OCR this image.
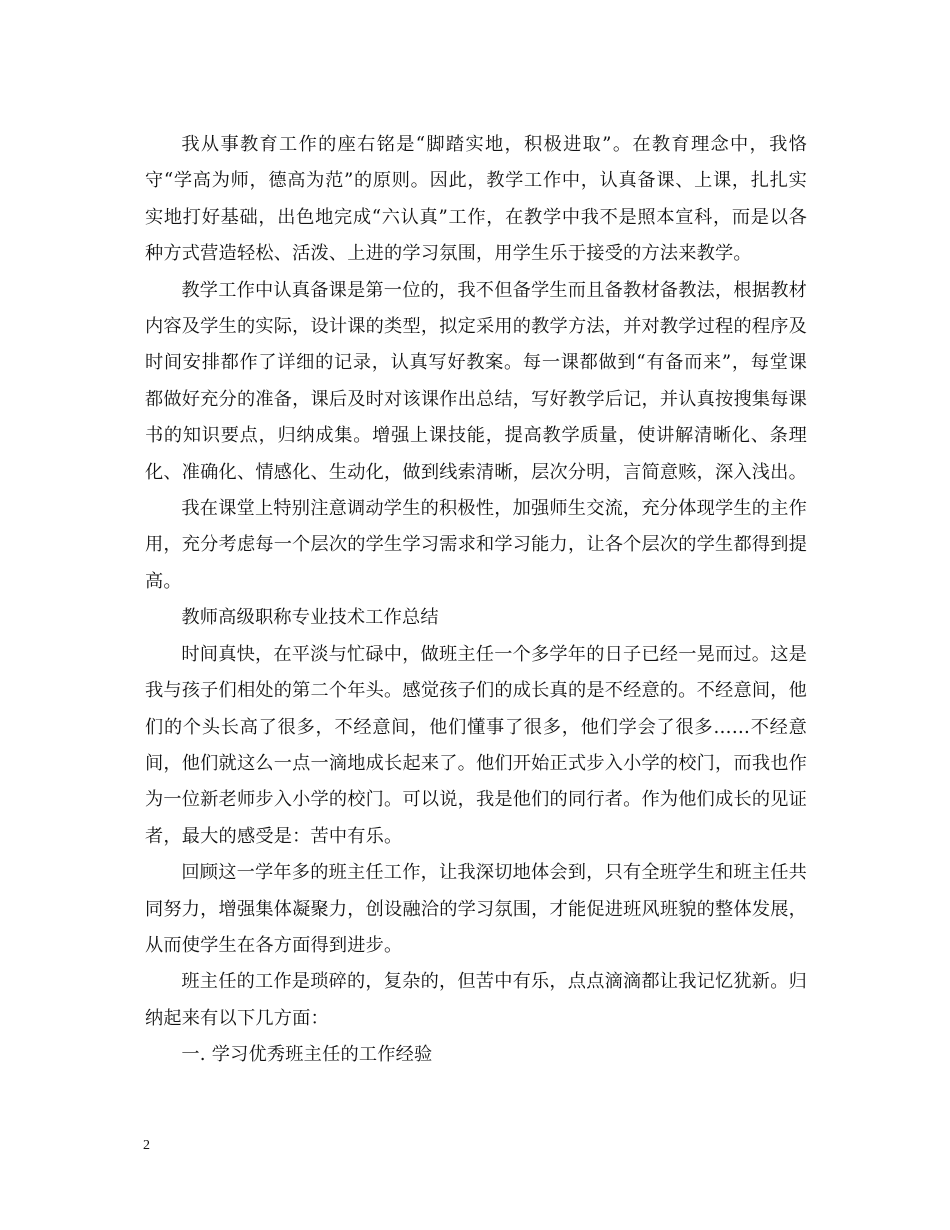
我从事教育工作的座右铭是“脚踏实地，积极进取”。在教育理念中，我恪守“学高为师，德高为范”的原则。因此，教学工作中，认真备课、上课，扎扎实实地打好基础，出色地完成“六认真”工作，在教学中我不是照本宣科，而是以各种方式营造轻松、活泼、上进的学习氛围，用学生乐于接受的方法来教学。

教学工作中认真备课是第一位的，我不但备学生而且备教材备教法，根据教材内容及学生的实际，设计课的类型，拟定采用的教学方法，并对教学过程的程序及时间安排都作了详细的记录，认真写好教案。每一课都做到“有备而来”，每堂课都做好充分的准备，课后及时对该课作出总结，写好教学后记，并认真按搜集每课书的知识要点，归纳成集。增强上课技能，提高教学质量，使讲解清晰化、条理化、准确化、情感化、生动化，做到线索清晰，层次分明，言简意赅，深入浅出。

我在课堂上特别注意调动学生的积极性，加强师生交流，充分体现学生的主作用，充分考虑每一个层次的学生学习需求和学习能力，让各个层次的学生都得到提高。

教师高级职称专业技术工作总结

时间真快，在平淡与忙碌中，做班主任一个多学年的日子已经一晃而过。这是我与孩子们相处的第二个年头。感觉孩子们的成长真的是不经意的。不经意间，他们的个头长高了很多，不经意间，他们懂事了很多，他们学会了很多……不经意间，他们就这么一点一滴地成长起来了。他们开始正式步入小学的校门，而我也作为一位新老师步入小学的校门。可以说，我是他们的同行者。作为他们成长的见证者，最大的感受是：苦中有乐。

回顾这一学年多的班主任工作，让我深切地体会到，只有全班学生和班主任共同努力，增强集体凝聚力，创设融洽的学习氛围，才能促进班风班貌的整体发展，从而使学生在各方面得到进步。

班主任的工作是琐碎的，复杂的，但苦中有乐，点点滴滴都让我记忆犹新。归纳起来有以下几方面：

一. 学习优秀班主任的工作经验

2
